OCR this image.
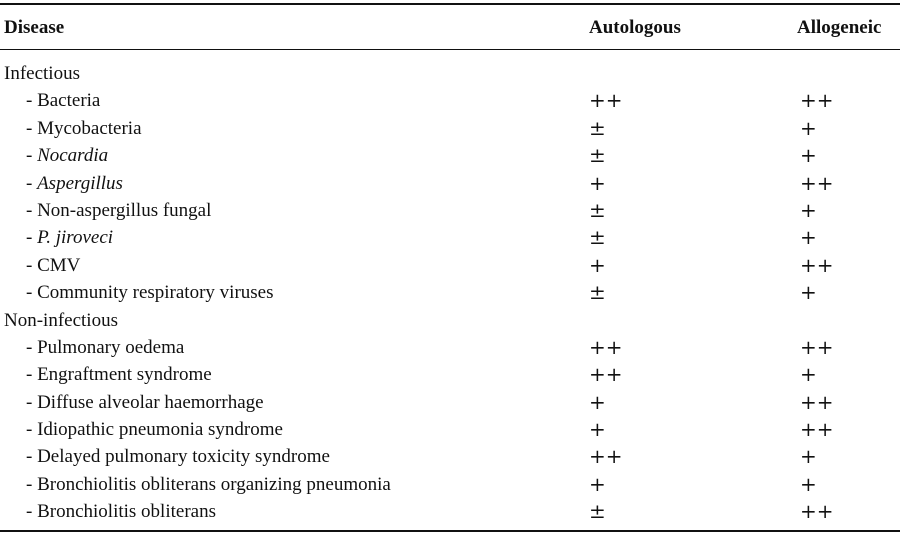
Disease	Autologous	Allogeneic
Infectious
- Bacteria	++	++
- Mycobacteria	±	+
- Nocardia	±	+
- Aspergillus	+	++
- Non-aspergillus fungal	±	+
- P. jiroveci	±	+
- CMV	+	++
- Community respiratory viruses	±	+
Non-infectious
- Pulmonary oedema	++	++
- Engraftment syndrome	++	+
- Diffuse alveolar haemorrhage	+	++
- Idiopathic pneumonia syndrome	+	++
- Delayed pulmonary toxicity syndrome	++	+
- Bronchiolitis obliterans organizing pneumonia	+	+
- Bronchiolitis obliterans	±	++
